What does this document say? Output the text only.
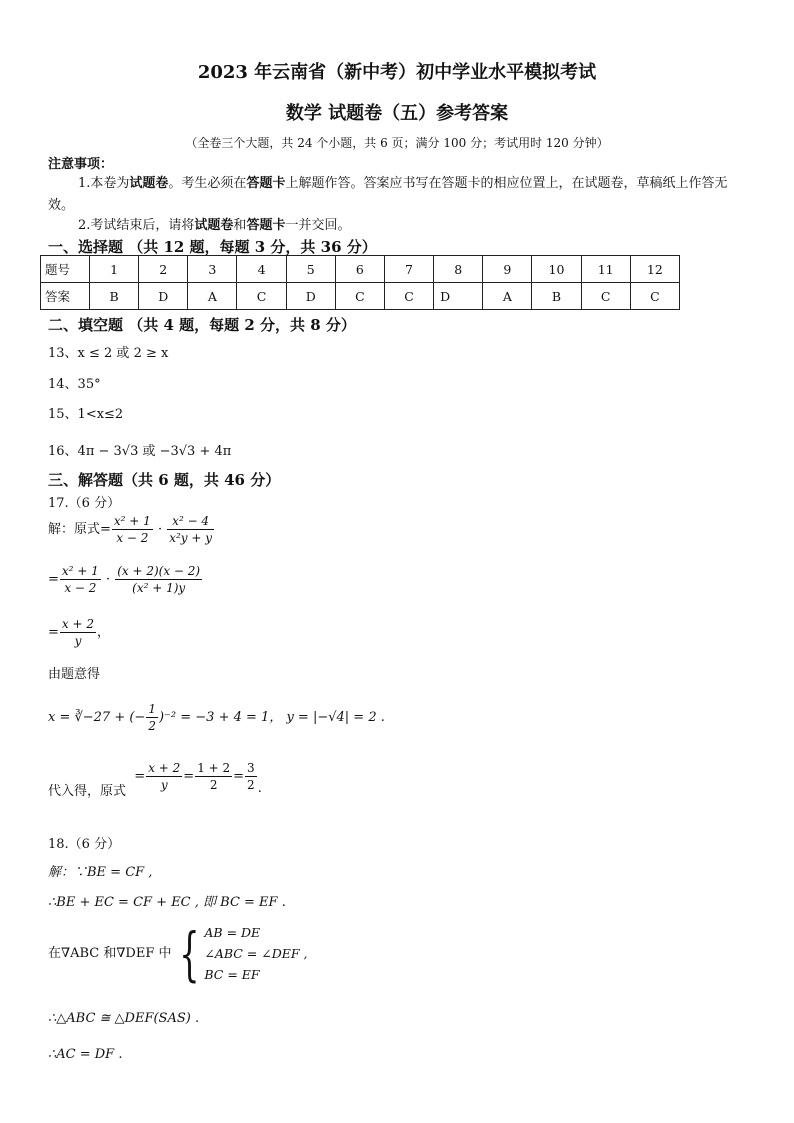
2023 年云南省（新中考）初中学业水平模拟考试
数学 试题卷（五）参考答案
（全卷三个大题，共 24 个小题，共 6 页；满分 100 分；考试用时 120 分钟）
注意事项：
1.本卷为试题卷。考生必须在答题卡上解题作答。答案应书写在答题卡的相应位置上，在试题卷，草稿纸上作答无效。
2.考试结束后，请将试题卷和答题卡一并交回。
一、选择题 （共 12 题，每题 3 分，共 36 分）
题号	1	2	3	4	5	6	7	8	9	10	11	12
答案	B	D	A	C	D	C	C	D	A	B	C	C
二、填空题 （共 4 题，每题 2 分，共 8 分）
13、x ≤ 2 或 2 ≥ x
14、35°
15、1<x≤2
16、4π − 3√3 或 −3√3 + 4π
三、解答题（共 6 题，共 46 分）
17.（6 分）
解：原式= $\frac{\text{x² + 1}}{x - 2} \cdot \frac{\text{x² − 4}}{\text{x²y + y}}$
= $\frac{\text{x² + 1}}{x - 2} \cdot \frac{(x + 2)(x - 2)}{\text{(x² + 1)y}}$
= $\frac{x + 2}{y}$ ，
由题意得
x = ∛−27 + (− $\frac{1}{2} )^{-2} = -3 + 4 = 1$， y = |−√4| = 2 .
代入得，原式  = $\frac{x + 2}{y} = \frac{1 + 2}{2} = \frac{3}{2}$ .
18.（6 分）
解：∵BE = CF ,
∴BE + EC = CF + EC , 即 BC = EF .
在∇ABC 和∇DEF 中 { AB = DE
∠ABC = ∠DEF ,
BC = EF
∴△ABC ≅ △DEF(SAS) .
∴AC = DF .
